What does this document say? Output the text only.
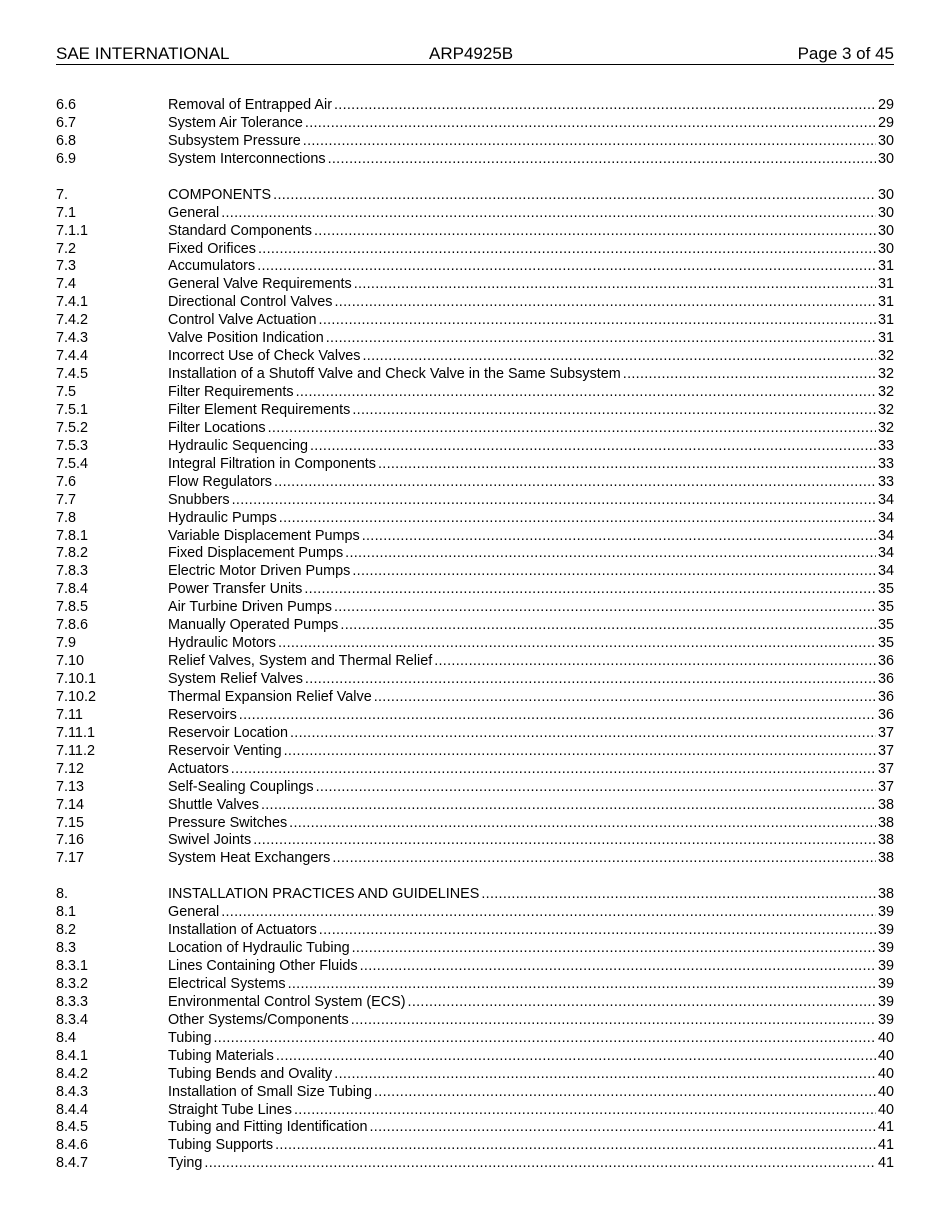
SAE INTERNATIONAL	ARP4925B	Page 3 of 45
6.6	Removal of Entrapped Air .....	29
6.7	System Air Tolerance .....	29
6.8	Subsystem Pressure .....	30
6.9	System Interconnections .....	30
7.	COMPONENTS .....	30
7.1	General .....	30
7.1.1	Standard Components .....	30
7.2	Fixed Orifices .....	30
7.3	Accumulators .....	31
7.4	General Valve Requirements .....	31
7.4.1	Directional Control Valves .....	31
7.4.2	Control Valve Actuation .....	31
7.4.3	Valve Position Indication .....	31
7.4.4	Incorrect Use of Check Valves .....	32
7.4.5	Installation of a Shutoff Valve and Check Valve in the Same Subsystem .....	32
7.5	Filter Requirements .....	32
7.5.1	Filter Element Requirements .....	32
7.5.2	Filter Locations .....	32
7.5.3	Hydraulic Sequencing .....	33
7.5.4	Integral Filtration in Components .....	33
7.6	Flow Regulators .....	33
7.7	Snubbers .....	34
7.8	Hydraulic Pumps .....	34
7.8.1	Variable Displacement Pumps .....	34
7.8.2	Fixed Displacement Pumps .....	34
7.8.3	Electric Motor Driven Pumps .....	34
7.8.4	Power Transfer Units .....	35
7.8.5	Air Turbine Driven Pumps .....	35
7.8.6	Manually Operated Pumps .....	35
7.9	Hydraulic Motors .....	35
7.10	Relief Valves, System and Thermal Relief .....	36
7.10.1	System Relief Valves .....	36
7.10.2	Thermal Expansion Relief Valve .....	36
7.11	Reservoirs .....	36
7.11.1	Reservoir Location .....	37
7.11.2	Reservoir Venting .....	37
7.12	Actuators .....	37
7.13	Self-Sealing Couplings .....	37
7.14	Shuttle Valves .....	38
7.15	Pressure Switches .....	38
7.16	Swivel Joints .....	38
7.17	System Heat Exchangers .....	38
8.	INSTALLATION PRACTICES AND GUIDELINES .....	38
8.1	General .....	39
8.2	Installation of Actuators .....	39
8.3	Location of Hydraulic Tubing .....	39
8.3.1	Lines Containing Other Fluids .....	39
8.3.2	Electrical Systems .....	39
8.3.3	Environmental Control System (ECS) .....	39
8.3.4	Other Systems/Components .....	39
8.4	Tubing .....	40
8.4.1	Tubing Materials .....	40
8.4.2	Tubing Bends and Ovality .....	40
8.4.3	Installation of Small Size Tubing .....	40
8.4.4	Straight Tube Lines .....	40
8.4.5	Tubing and Fitting Identification .....	41
8.4.6	Tubing Supports .....	41
8.4.7	Tying .....	41
